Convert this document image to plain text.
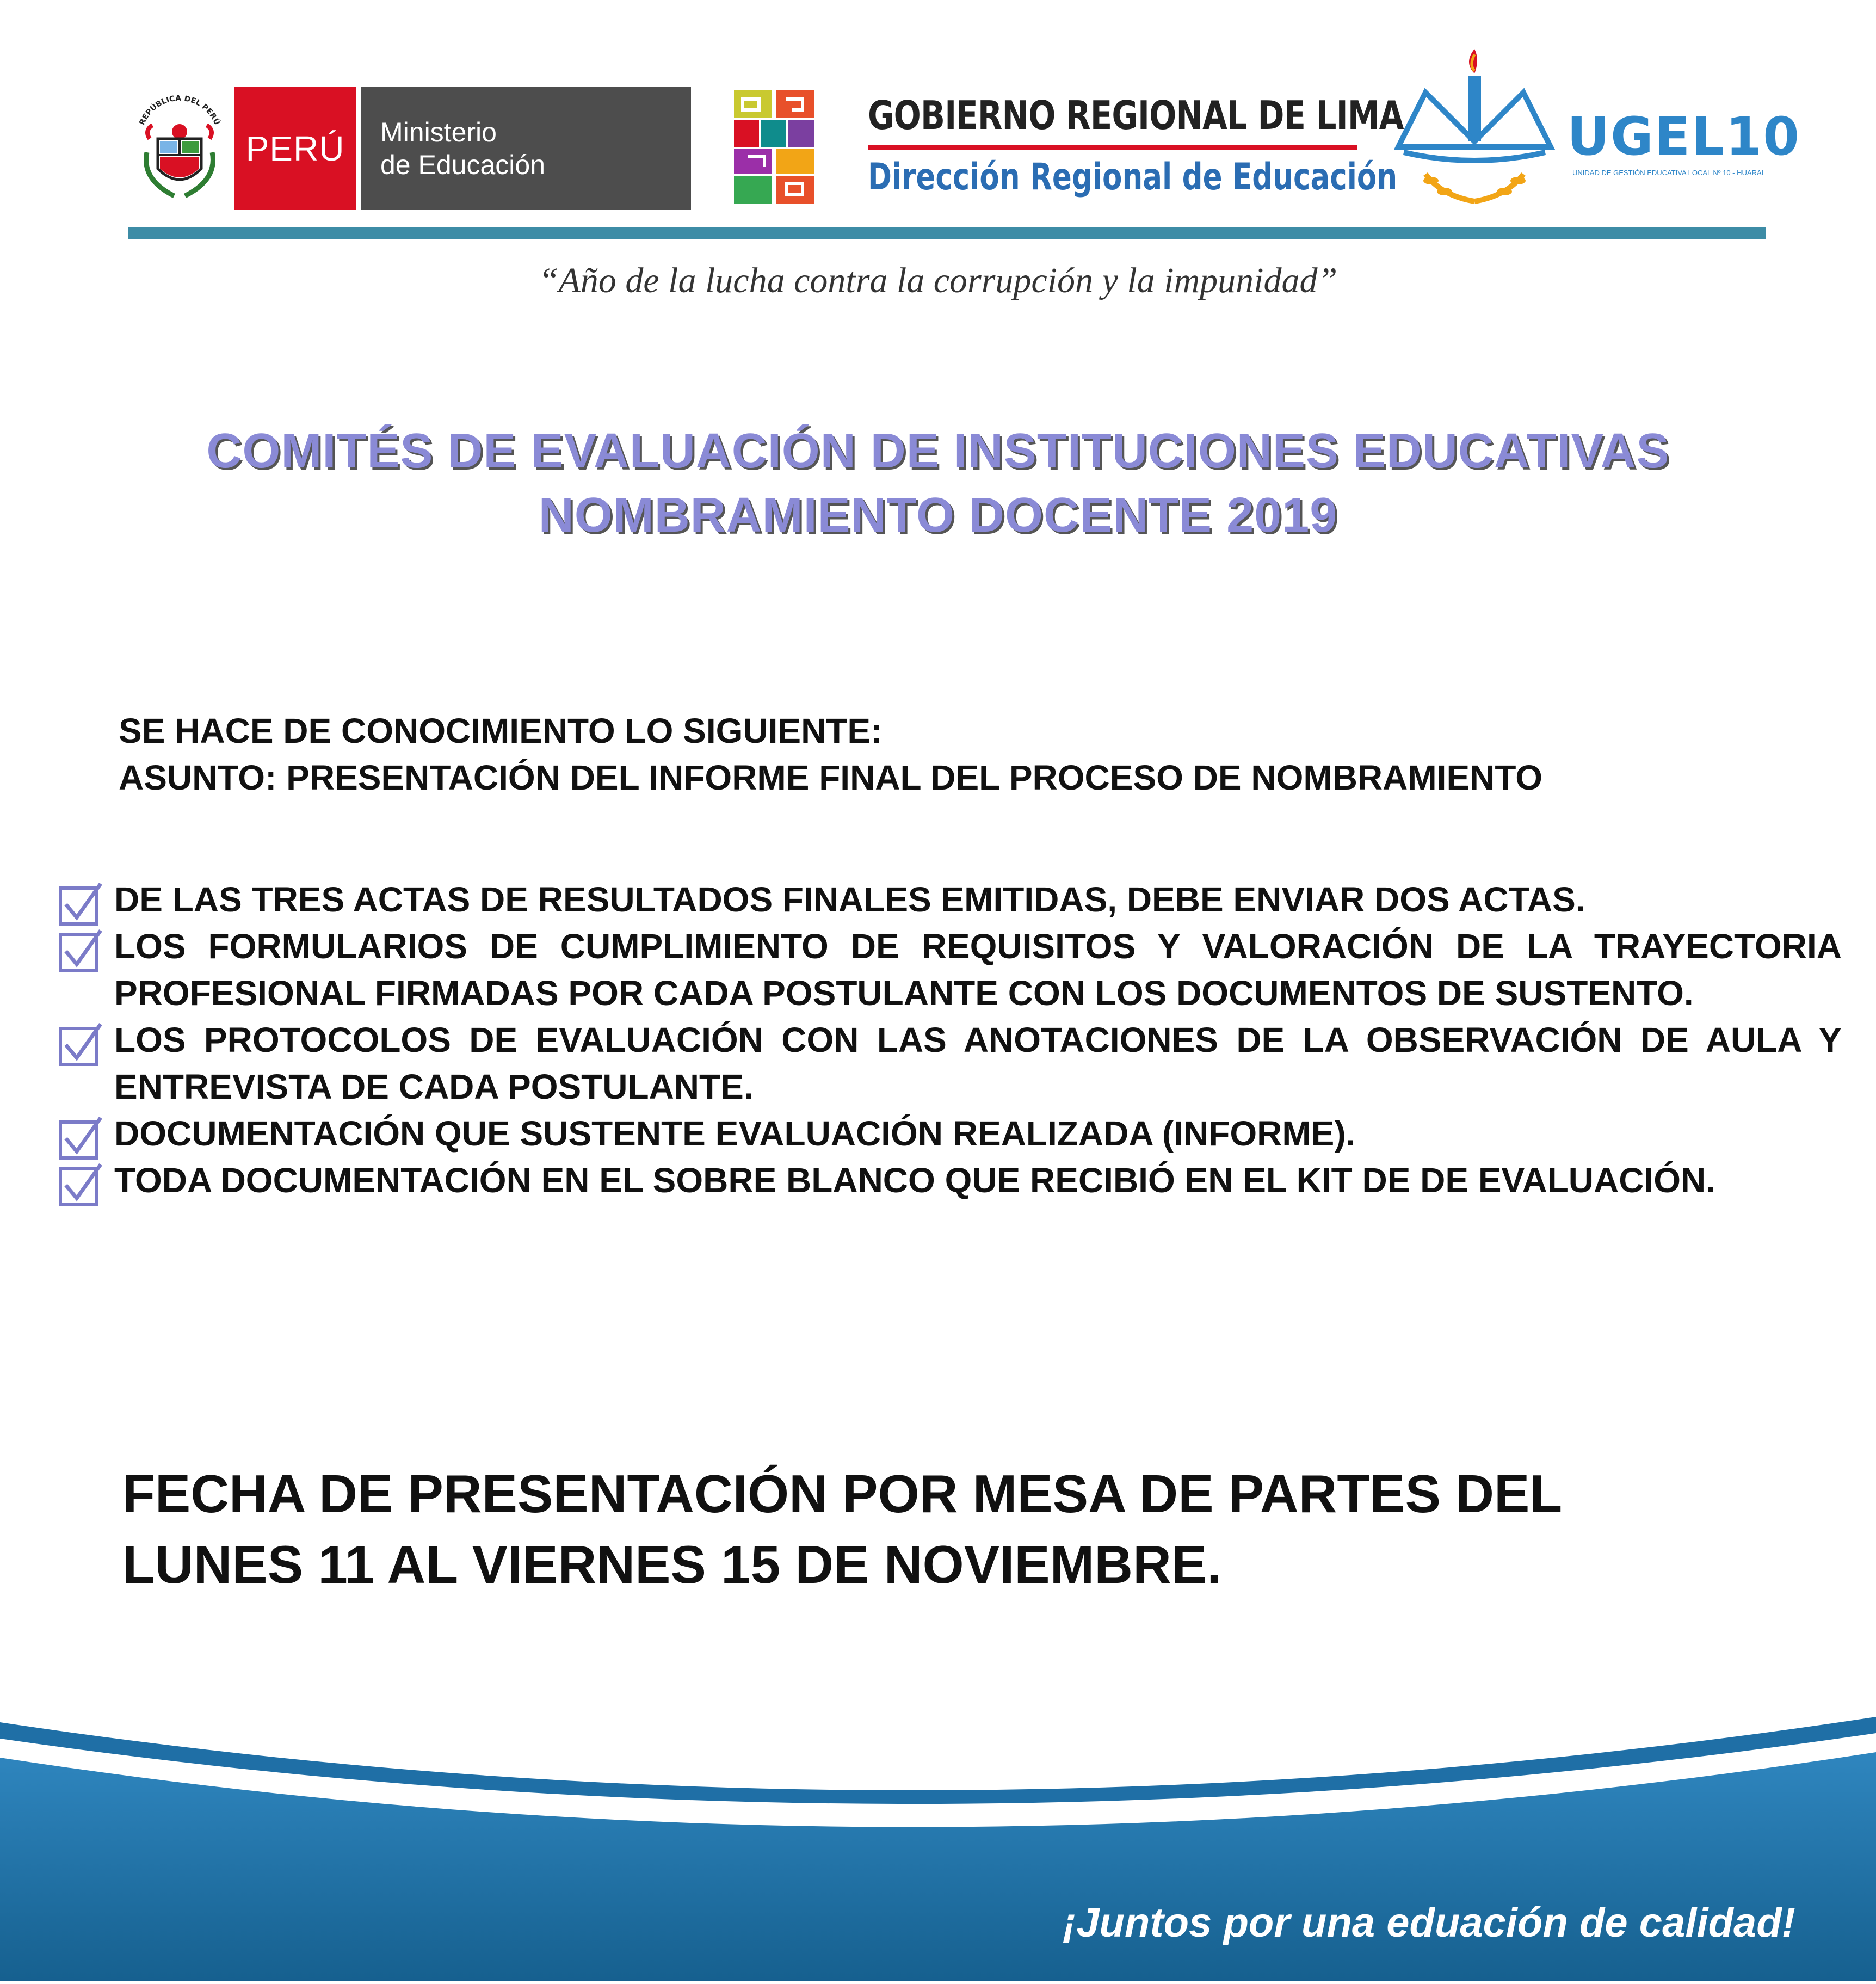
REPÚBLICA DEL PERÚ
PERÚ	Ministerio
de Educación
GOBIERNO REGIONAL DE LIMA
Dirección Regional de Educación
UGEL10
UNIDAD DE GESTIÓN EDUCATIVA LOCAL Nº 10 - HUARAL
“Año de la lucha contra la corrupción y la impunidad”
COMITÉS DE EVALUACIÓN DE INSTITUCIONES EDUCATIVAS
NOMBRAMIENTO DOCENTE 2019
SE HACE DE CONOCIMIENTO LO SIGUIENTE:
ASUNTO: PRESENTACIÓN DEL INFORME FINAL DEL PROCESO DE NOMBRAMIENTO
DE LAS TRES ACTAS DE RESULTADOS FINALES EMITIDAS, DEBE ENVIAR DOS ACTAS.
LOS FORMULARIOS DE CUMPLIMIENTO DE REQUISITOS Y VALORACIÓN DE LA TRAYECTORIA PROFESIONAL FIRMADAS POR CADA POSTULANTE CON LOS DOCUMENTOS DE SUSTENTO.
LOS PROTOCOLOS DE EVALUACIÓN CON LAS ANOTACIONES DE LA OBSERVACIÓN DE AULA Y ENTREVISTA DE CADA POSTULANTE.
DOCUMENTACIÓN QUE SUSTENTE EVALUACIÓN REALIZADA (INFORME).
TODA DOCUMENTACIÓN EN EL SOBRE BLANCO QUE RECIBIÓ EN EL KIT DE DE EVALUACIÓN.
FECHA DE PRESENTACIÓN POR MESA DE PARTES DEL
LUNES 11 AL VIERNES 15 DE NOVIEMBRE.
¡Juntos por una eduación de calidad!
